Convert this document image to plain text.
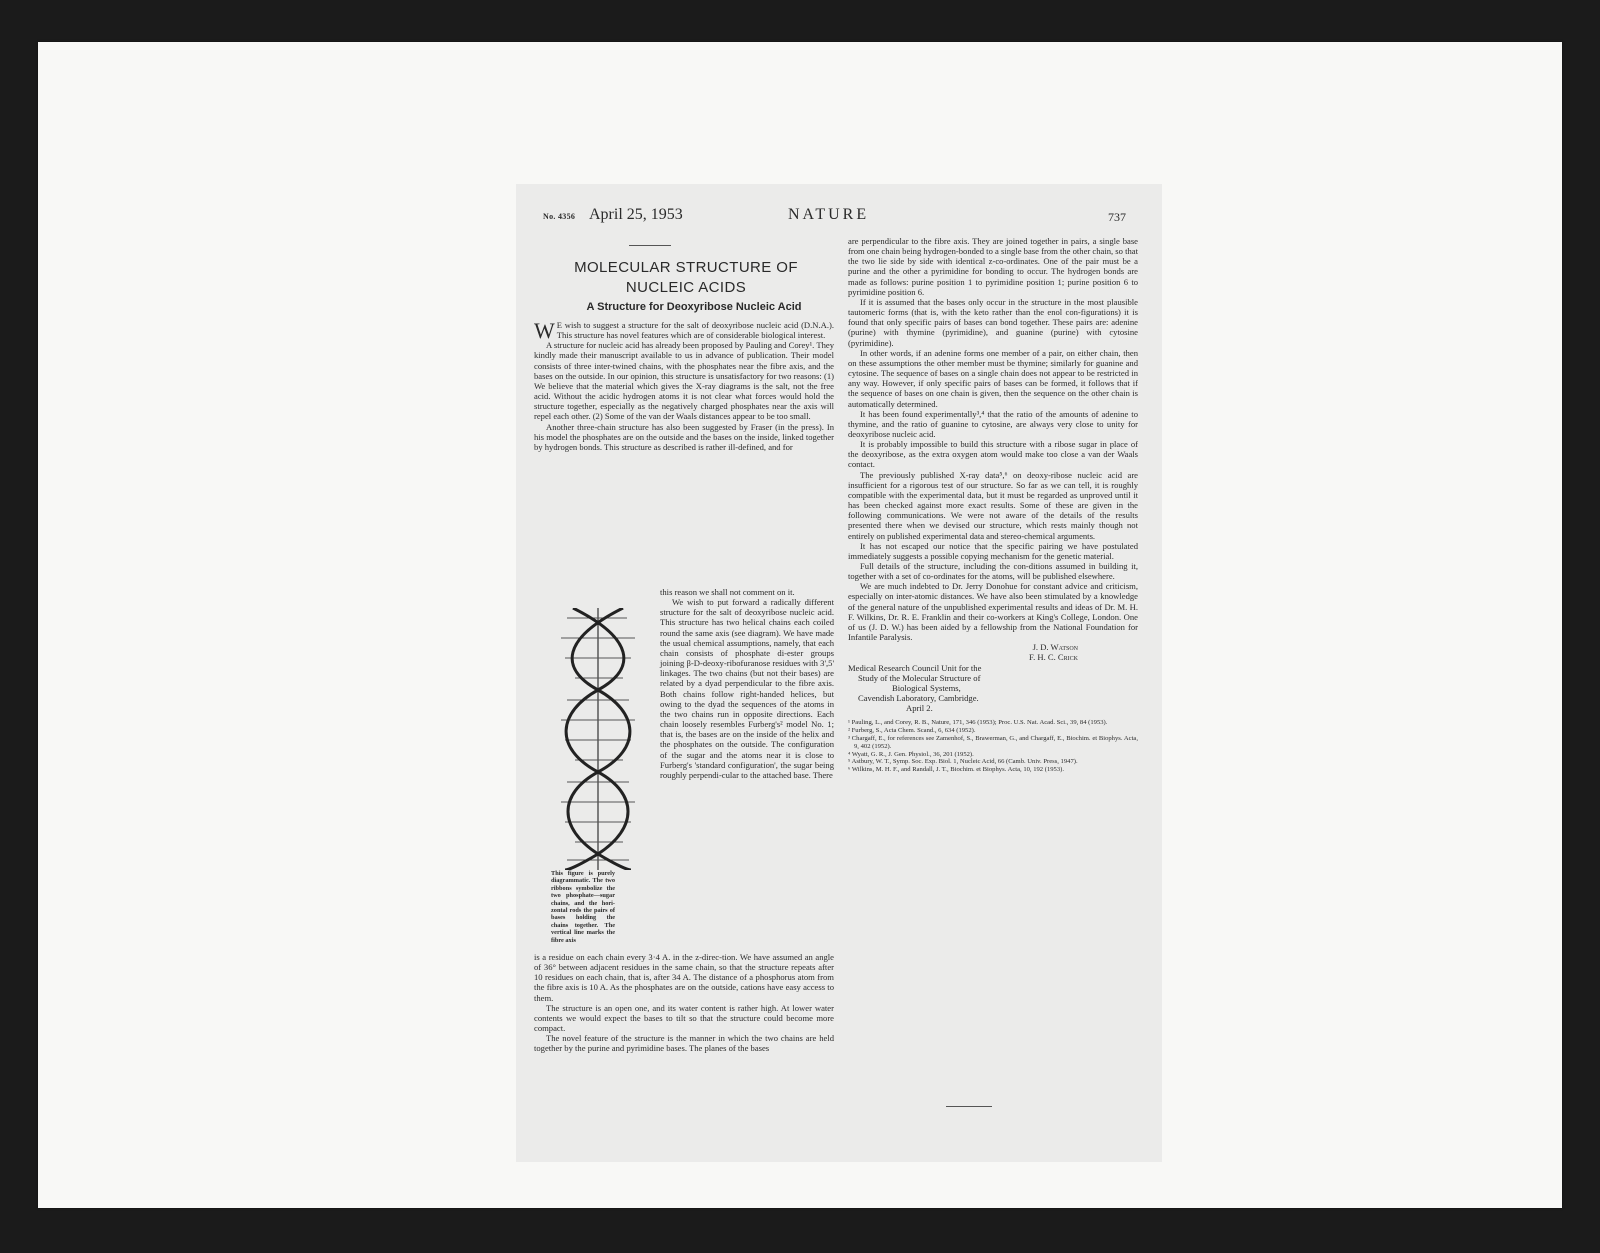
No. 4356 April 25, 1953	NATURE	737
MOLECULAR STRUCTURE OF NUCLEIC ACIDS
A Structure for Deoxyribose Nucleic Acid

W E wish to suggest a structure for the salt of deoxyribose nucleic acid (D.N.A.). This structure has novel features which are of considerable biological interest.

A structure for nucleic acid has already been proposed by Pauling and Corey¹. They kindly made their manuscript available to us in advance of publication. Their model consists of three inter-twined chains, with the phosphates near the fibre axis, and the bases on the outside. In our opinion, this structure is unsatisfactory for two reasons: (1) We believe that the material which gives the X-ray diagrams is the salt, not the free acid. Without the acidic hydrogen atoms it is not clear what forces would hold the structure together, especially as the negatively charged phosphates near the axis will repel each other. (2) Some of the van der Waals distances appear to be too small.

Another three-chain structure has also been suggested by Fraser (in the press). In his model the phosphates are on the outside and the bases on the inside, linked together by hydrogen bonds. This structure as described is rather ill-defined, and for

this reason we shall not comment on it.

We wish to put forward a radically different structure for the salt of deoxyribose nucleic acid. This structure has two helical chains each coiled round the same axis (see diagram). We have made the usual chemical assumptions, namely, that each chain consists of phosphate di-ester groups joining β-D-deoxy-ribofuranose residues with 3',5' linkages. The two chains (but not their bases) are related by a dyad perpendicular to the fibre axis. Both chains follow right-handed helices, but owing to the dyad the sequences of the atoms in the two chains run in opposite directions. Each chain loosely resembles Furberg's² model No. 1; that is, the bases are on the inside of the helix and the phosphates on the outside. The configuration of the sugar and the atoms near it is close to Furberg's 'standard configuration', the sugar being roughly perpendi-cular to the attached base. There

This figure is purely diagrammatic. The two ribbons symbolize the two phosphate—sugar chains, and the hori-zontal rods the pairs of bases holding the chains together. The vertical line marks the fibre axis

is a residue on each chain every 3·4 A. in the z-direc-tion. We have assumed an angle of 36° between adjacent residues in the same chain, so that the structure repeats after 10 residues on each chain, that is, after 34 A. The distance of a phosphorus atom from the fibre axis is 10 A. As the phosphates are on the outside, cations have easy access to them.

The structure is an open one, and its water content is rather high. At lower water contents we would expect the bases to tilt so that the structure could become more compact.

The novel feature of the structure is the manner in which the two chains are held together by the purine and pyrimidine bases. The planes of the bases

are perpendicular to the fibre axis. They are joined together in pairs, a single base from one chain being hydrogen-bonded to a single base from the other chain, so that the two lie side by side with identical z-co-ordinates. One of the pair must be a purine and the other a pyrimidine for bonding to occur. The hydrogen bonds are made as follows: purine position 1 to pyrimidine position 1; purine position 6 to pyrimidine position 6.

If it is assumed that the bases only occur in the structure in the most plausible tautomeric forms (that is, with the keto rather than the enol con-figurations) it is found that only specific pairs of bases can bond together. These pairs are: adenine (purine) with thymine (pyrimidine), and guanine (purine) with cytosine (pyrimidine).

In other words, if an adenine forms one member of a pair, on either chain, then on these assumptions the other member must be thymine; similarly for guanine and cytosine. The sequence of bases on a single chain does not appear to be restricted in any way. However, if only specific pairs of bases can be formed, it follows that if the sequence of bases on one chain is given, then the sequence on the other chain is automatically determined.

It has been found experimentally³,⁴ that the ratio of the amounts of adenine to thymine, and the ratio of guanine to cytosine, are always very close to unity for deoxyribose nucleic acid.

It is probably impossible to build this structure with a ribose sugar in place of the deoxyribose, as the extra oxygen atom would make too close a van der Waals contact.

The previously published X-ray data⁵,⁶ on deoxy-ribose nucleic acid are insufficient for a rigorous test of our structure. So far as we can tell, it is roughly compatible with the experimental data, but it must be regarded as unproved until it has been checked against more exact results. Some of these are given in the following communications. We were not aware of the details of the results presented there when we devised our structure, which rests mainly though not entirely on published experimental data and stereo-chemical arguments.

It has not escaped our notice that the specific pairing we have postulated immediately suggests a possible copying mechanism for the genetic material.

Full details of the structure, including the con-ditions assumed in building it, together with a set of co-ordinates for the atoms, will be published elsewhere.

We are much indebted to Dr. Jerry Donohue for constant advice and criticism, especially on inter-atomic distances. We have also been stimulated by a knowledge of the general nature of the unpublished experimental results and ideas of Dr. M. H. F. Wilkins, Dr. R. E. Franklin and their co-workers at King's College, London. One of us (J. D. W.) has been aided by a fellowship from the National Foundation for Infantile Paralysis.

J. D. Watson
F. H. C. Crick
Medical Research Council Unit for the
Study of the Molecular Structure of
Biological Systems,
Cavendish Laboratory, Cambridge.
April 2.
¹ Pauling, L., and Corey, R. B., Nature, 171, 346 (1953); Proc. U.S. Nat. Acad. Sci., 39, 84 (1953).
² Furberg, S., Acta Chem. Scand., 6, 634 (1952).
³ Chargaff, E., for references see Zamenhof, S., Brawerman, G., and Chargaff, E., Biochim. et Biophys. Acta, 9, 402 (1952).
⁴ Wyatt, G. R., J. Gen. Physiol., 36, 201 (1952).
⁵ Astbury, W. T., Symp. Soc. Exp. Biol. 1, Nucleic Acid, 66 (Camb. Univ. Press, 1947).
⁶ Wilkins, M. H. F., and Randall, J. T., Biochim. et Biophys. Acta, 10, 192 (1953).
